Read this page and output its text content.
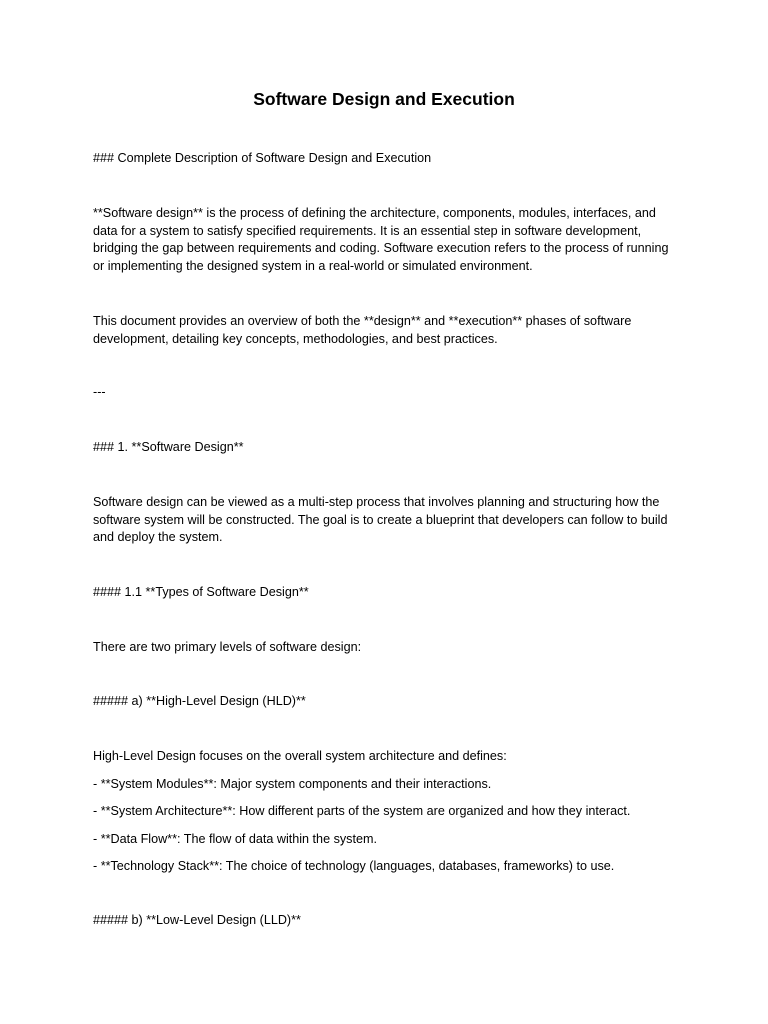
Software Design and Execution

### Complete Description of Software Design and Execution

**Software design** is the process of defining the architecture, components, modules, interfaces, and data for a system to satisfy specified requirements. It is an essential step in software development, bridging the gap between requirements and coding. Software execution refers to the process of running or implementing the designed system in a real-world or simulated environment.

This document provides an overview of both the **design** and **execution** phases of software development, detailing key concepts, methodologies, and best practices.

---

### 1. **Software Design**

Software design can be viewed as a multi-step process that involves planning and structuring how the software system will be constructed. The goal is to create a blueprint that developers can follow to build and deploy the system.

#### 1.1 **Types of Software Design**

There are two primary levels of software design:

##### a) **High-Level Design (HLD)**

High-Level Design focuses on the overall system architecture and defines:

- **System Modules**: Major system components and their interactions.

- **System Architecture**: How different parts of the system are organized and how they interact.

- **Data Flow**: The flow of data within the system.

- **Technology Stack**: The choice of technology (languages, databases, frameworks) to use.

##### b) **Low-Level Design (LLD)**
